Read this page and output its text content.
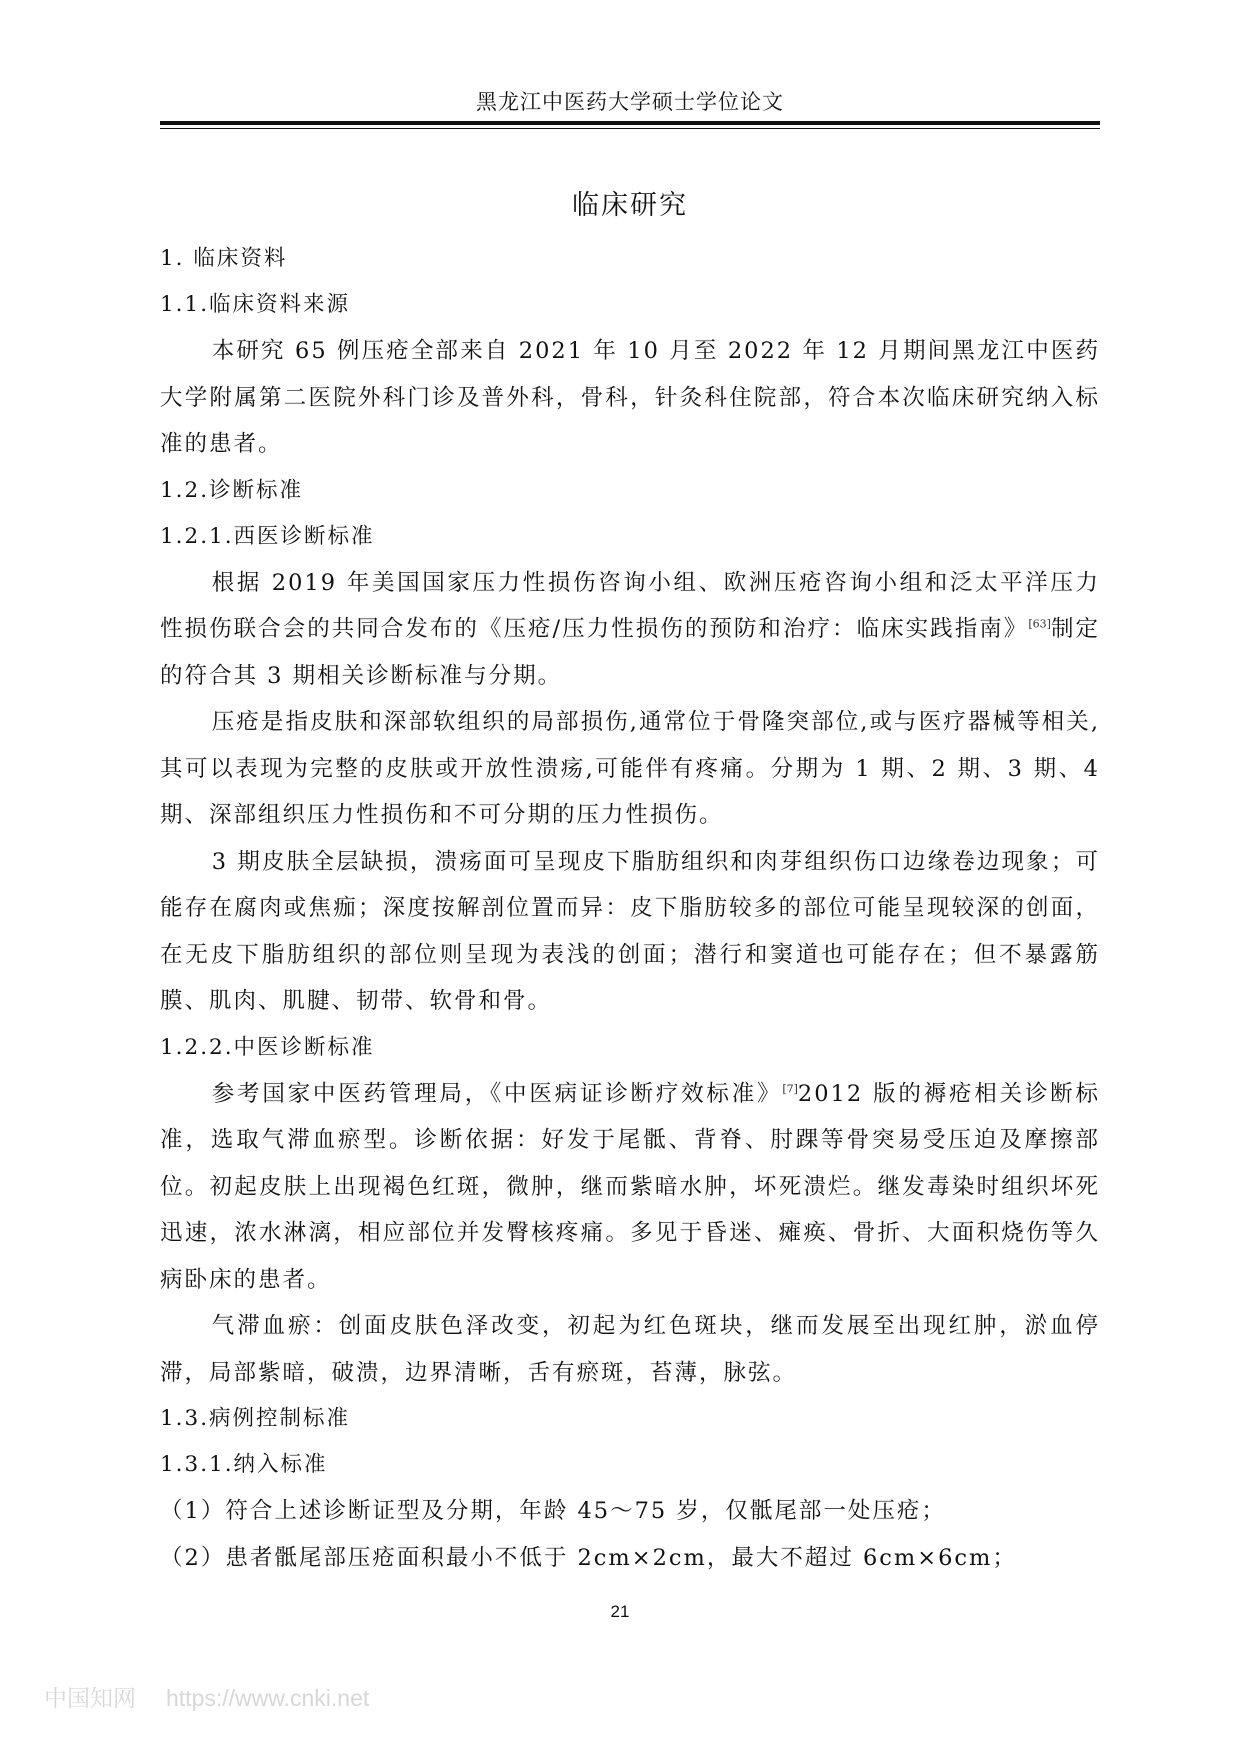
黑龙江中医药大学硕士学位论文
临床研究

1. 临床资料

1.1.临床资料来源

本研究 65 例压疮全部来自 2021 年 10 月至 2022 年 12 月期间黑龙江中医药大学附属第二医院外科门诊及普外科，骨科，针灸科住院部，符合本次临床研究纳入标准的患者。

1.2.诊断标准

1.2.1.西医诊断标准

根据 2019 年美国国家压力性损伤咨询小组、欧洲压疮咨询小组和泛太平洋压力性损伤联合会的共同合发布的《压疮/压力性损伤的预防和治疗：临床实践指南》[63]制定的符合其 3 期相关诊断标准与分期。

压疮是指皮肤和深部软组织的局部损伤,通常位于骨隆突部位,或与医疗器械等相关,其可以表现为完整的皮肤或开放性溃疡,可能伴有疼痛。分期为 1 期、2 期、3 期、4 期、深部组织压力性损伤和不可分期的压力性损伤。

3 期皮肤全层缺损，溃疡面可呈现皮下脂肪组织和肉芽组织伤口边缘卷边现象；可能存在腐肉或焦痂；深度按解剖位置而异：皮下脂肪较多的部位可能呈现较深的创面，在无皮下脂肪组织的部位则呈现为表浅的创面；潜行和窦道也可能存在；但不暴露筋膜、肌肉、肌腱、韧带、软骨和骨。

1.2.2.中医诊断标准

参考国家中医药管理局，《中医病证诊断疗效标准》[7]2012 版的褥疮相关诊断标准，选取气滞血瘀型。诊断依据：好发于尾骶、背脊、肘踝等骨突易受压迫及摩擦部位。初起皮肤上出现褐色红斑，微肿，继而紫暗水肿，坏死溃烂。继发毒染时组织坏死迅速，浓水淋漓，相应部位并发臀核疼痛。多见于昏迷、瘫痪、骨折、大面积烧伤等久病卧床的患者。

气滞血瘀：创面皮肤色泽改变，初起为红色斑块，继而发展至出现红肿，淤血停滞，局部紫暗，破溃，边界清晰，舌有瘀斑，苔薄，脉弦。

1.3.病例控制标准

1.3.1.纳入标准

（1）符合上述诊断证型及分期，年龄 45～75 岁，仅骶尾部一处压疮；

（2）患者骶尾部压疮面积最小不低于 2cm×2cm，最大不超过 6cm×6cm；

21
中国知网 https://www.cnki.net
